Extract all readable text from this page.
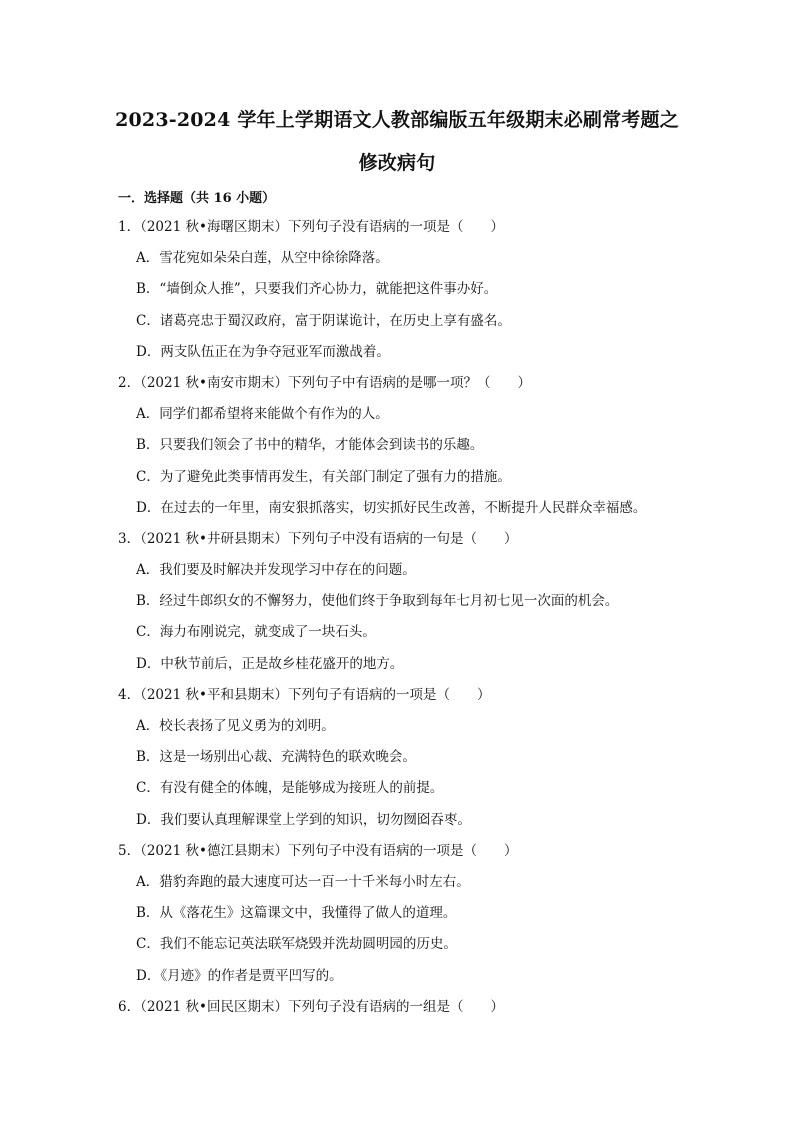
2023-2024 学年上学期语文人教部编版五年级期末必刷常考题之
修改病句
一．选择题（共 16 小题）
1．（2021 秋•海曙区期末）下列句子没有语病的一项是（　　）
A．雪花宛如朵朵白莲，从空中徐徐降落。
B．“墙倒众人推”，只要我们齐心协力，就能把这件事办好。
C．诸葛亮忠于蜀汉政府，富于阴谋诡计，在历史上享有盛名。
D．两支队伍正在为争夺冠亚军而激战着。
2．（2021 秋•南安市期末）下列句子中有语病的是哪一项？（　　）
A．同学们都希望将来能做个有作为的人。
B．只要我们领会了书中的精华，才能体会到读书的乐趣。
C．为了避免此类事情再发生，有关部门制定了强有力的措施。
D．在过去的一年里，南安狠抓落实，切实抓好民生改善，不断提升人民群众幸福感。
3．（2021 秋•井研县期末）下列句子中没有语病的一句是（　　）
A．我们要及时解决并发现学习中存在的问题。
B．经过牛郎织女的不懈努力，使他们终于争取到每年七月初七见一次面的机会。
C．海力布刚说完，就变成了一块石头。
D．中秋节前后，正是故乡桂花盛开的地方。
4．（2021 秋•平和县期末）下列句子有语病的一项是（　　）
A．校长表扬了见义勇为的刘明。
B．这是一场别出心裁、充满特色的联欢晚会。
C．有没有健全的体魄，是能够成为接班人的前提。
D．我们要认真理解课堂上学到的知识，切勿囫囵吞枣。
5．（2021 秋•德江县期末）下列句子中没有语病的一项是（　　）
A．猎豹奔跑的最大速度可达一百一十千米每小时左右。
B．从《落花生》这篇课文中，我懂得了做人的道理。
C．我们不能忘记英法联军烧毁并洗劫圆明园的历史。
D．《月迹》的作者是贾平凹写的。
6．（2021 秋•回民区期末）下列句子没有语病的一组是（　　）
